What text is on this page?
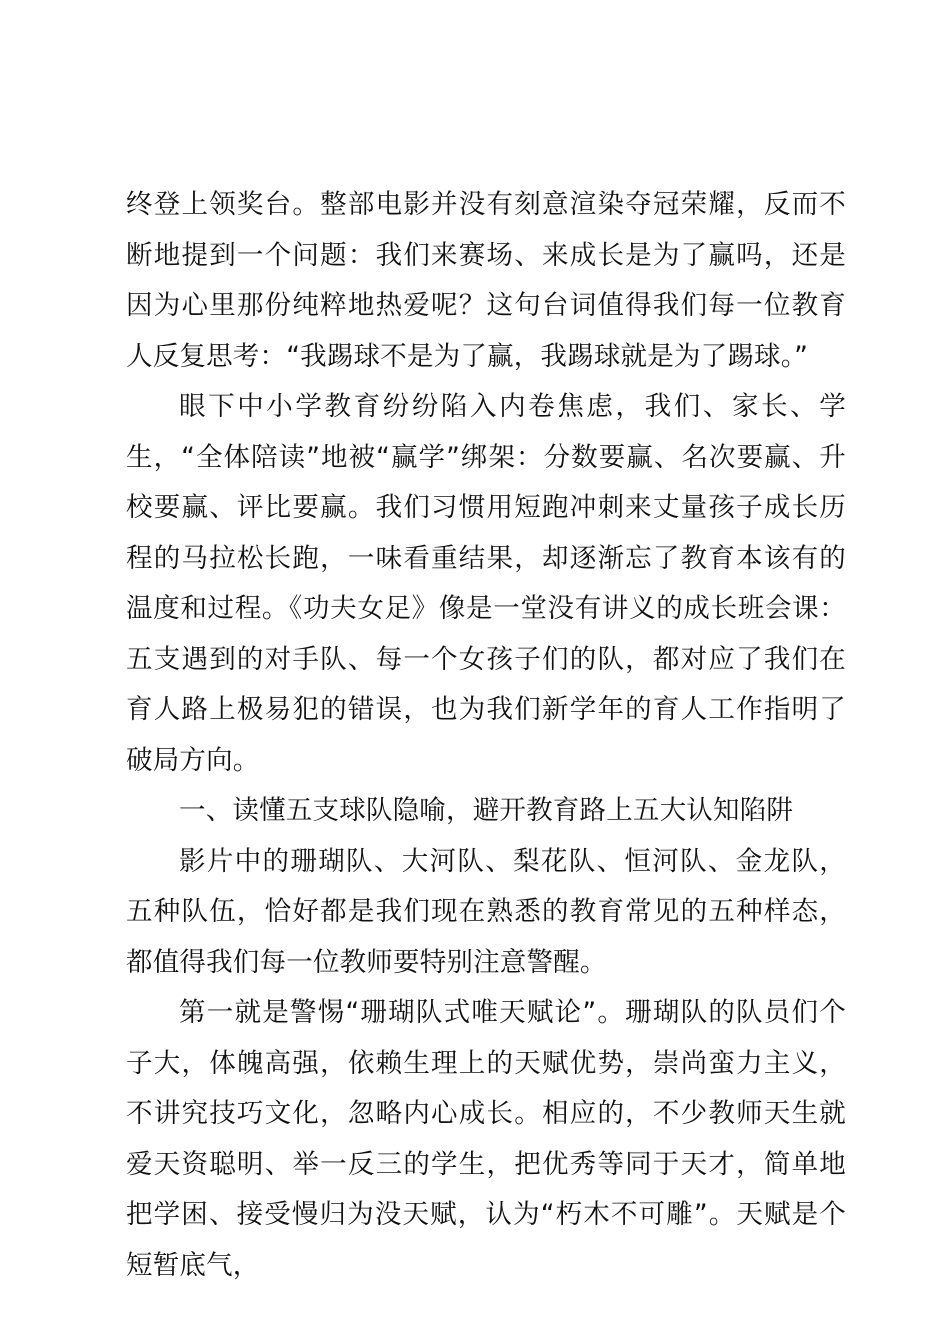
终登上领奖台。整部电影并没有刻意渲染夺冠荣耀，反而不断地提到一个问题：我们来赛场、来成长是为了赢吗，还是因为心里那份纯粹地热爱呢？这句台词值得我们每一位教育人反复思考：“我踢球不是为了赢，我踢球就是为了踢球。”

眼下中小学教育纷纷陷入内卷焦虑，我们、家长、学生，“全体陪读”地被“赢学”绑架：分数要赢、名次要赢、升校要赢、评比要赢。我们习惯用短跑冲刺来丈量孩子成长历程的马拉松长跑，一味看重结果，却逐渐忘了教育本该有的温度和过程。《功夫女足》像是一堂没有讲义的成长班会课：五支遇到的对手队、每一个女孩子们的队，都对应了我们在育人路上极易犯的错误，也为我们新学年的育人工作指明了破局方向。

一、读懂五支球队隐喻，避开教育路上五大认知陷阱

影片中的珊瑚队、大河队、梨花队、恒河队、金龙队，五种队伍，恰好都是我们现在熟悉的教育常见的五种样态，都值得我们每一位教师要特别注意警醒。

第一就是警惕“珊瑚队式唯天赋论”。珊瑚队的队员们个子大，体魄高强，依赖生理上的天赋优势，崇尚蛮力主义，不讲究技巧文化，忽略内心成长。相应的，不少教师天生就爱天资聪明、举一反三的学生，把优秀等同于天才，简单地把学困、接受慢归为没天赋，认为“朽木不可雕”。天赋是个短暂底气，
